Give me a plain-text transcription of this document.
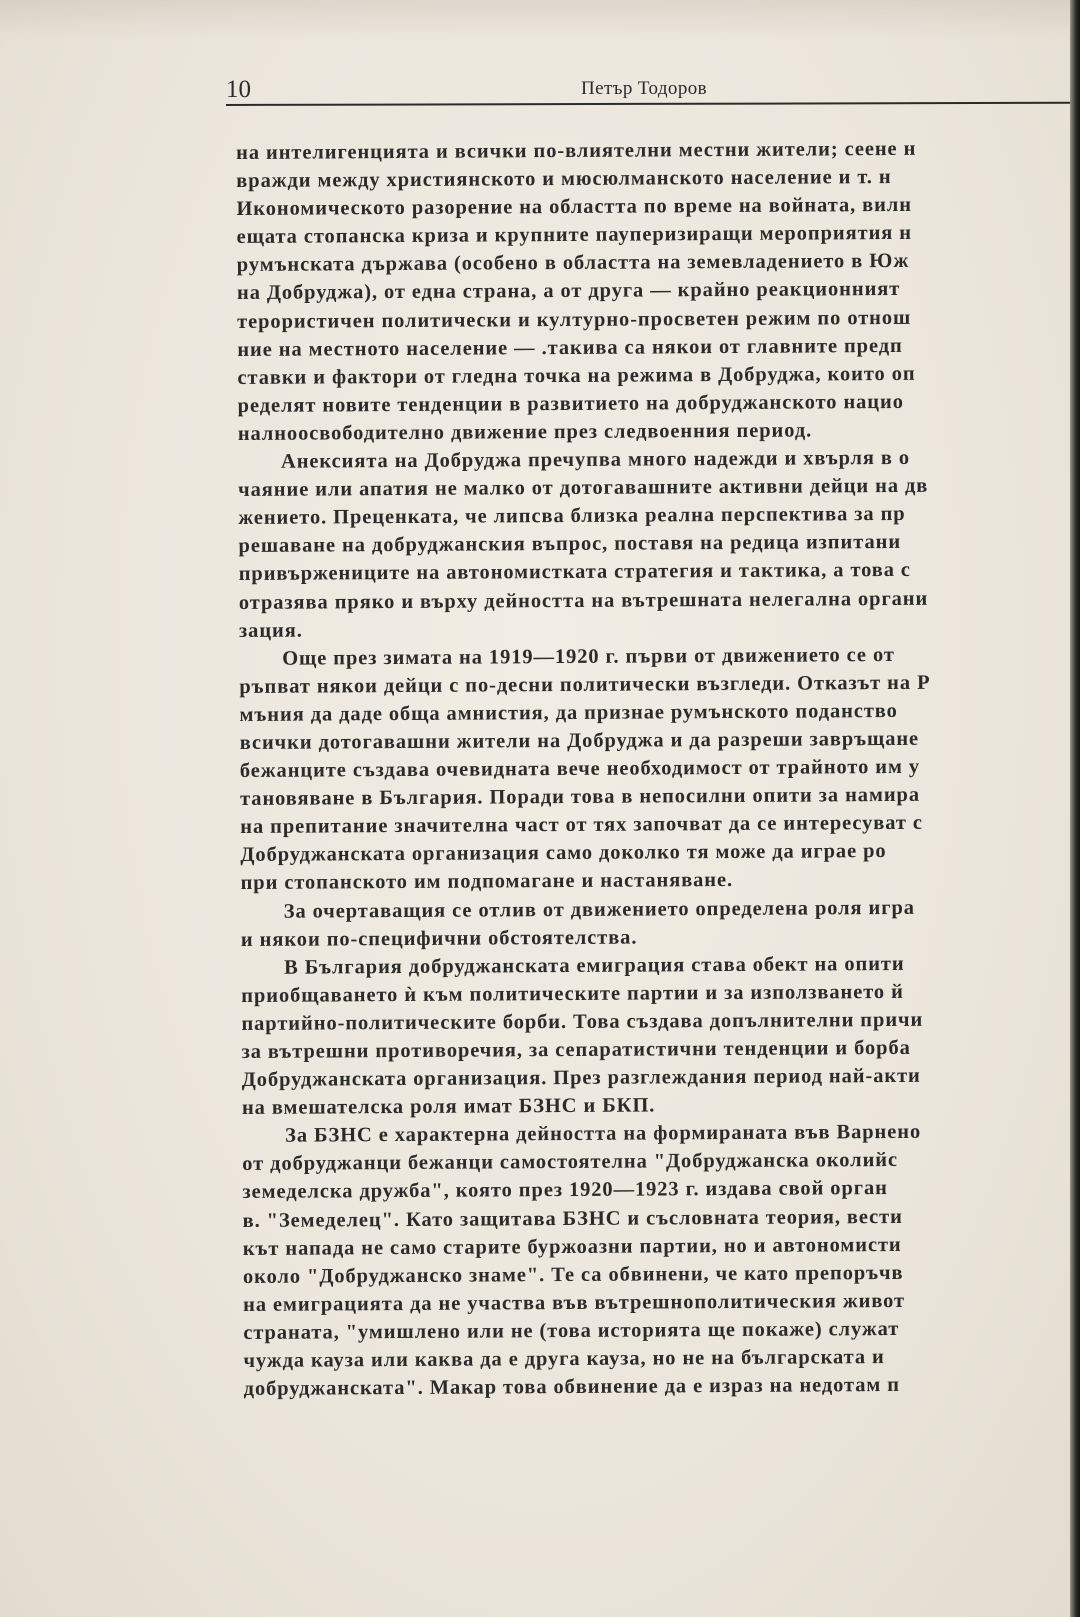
10	Петър Тодоров
на интелигенцията и всички по-влиятелни местни жители; сеене н
вражди между християнското и мюсюлманското население и т. н
Икономическото разорение на областта по време на войната, вилн
ещата стопанска криза и крупните пауперизиращи мероприятия н
румънската държава (особено в областта на земевладението в Юж
на Добруджа), от една страна, а от друга — крайно реакционният
терористичен политически и културно-просветен режим по отнош
ние на местното население — .такива са някои от главните предп
ставки и фактори от гледна точка на режима в Добруджа, които оп
ределят новите тенденции в развитието на добруджанското нацио
налноосвободително движение през следвоенния период.
Анексията на Добруджа пречупва много надежди и хвърля в о
чаяние или апатия не малко от дотогавашните активни дейци на дв
жението. Преценката, че липсва близка реална перспектива за пр
решаване на добруджанския въпрос, поставя на редица изпитани
привържениците на автономистката стратегия и тактика, а това с
отразява пряко и върху дейността на вътрешната нелегална органи
зация.
Още през зимата на 1919—1920 г. първи от движението се от
ръпват някои дейци с по-десни политически възгледи. Отказът на Р
мъния да даде обща амнистия, да признае румънското поданство
всички дотогавашни жители на Добруджа и да разреши завръщане
бежанците създава очевидната вече необходимост от трайното им у
тановяване в България. Поради това в непосилни опити за намира
на препитание значителна част от тях започват да се интересуват с
Добруджанската организация само доколко тя може да играе ро
при стопанското им подпомагане и настаняване.
За очертаващия се отлив от движението определена роля игра
и някои по-специфични обстоятелства.
В България добруджанската емиграция става обект на опити
приобщаването ѝ към политическите партии и за използването й
партийно-политическите борби. Това създава допълнителни причи
за вътрешни противоречия, за сепаратистични тенденции и борба
Добруджанската организация. През разглеждания период най-акти
на вмешателска роля имат БЗНС и БКП.
За БЗНС е характерна дейността на формираната във Варнено
от добруджанци бежанци самостоятелна "Добруджанска околийс
земеделска дружба", която през 1920—1923 г. издава свой орган
в. "Земеделец". Като защитава БЗНС и съсловната теория, вести
кът напада не само старите буржоазни партии, но и автономисти
около "Добруджанско знаме". Те са обвинени, че като препоръчв
на емиграцията да не участва във вътрешнополитическия живот
страната, "умишлено или не (това историята ще покаже) служат
чужда кауза или каква да е друга кауза, но не на българската и
добруджанската". Макар това обвинение да е израз на недотам п
